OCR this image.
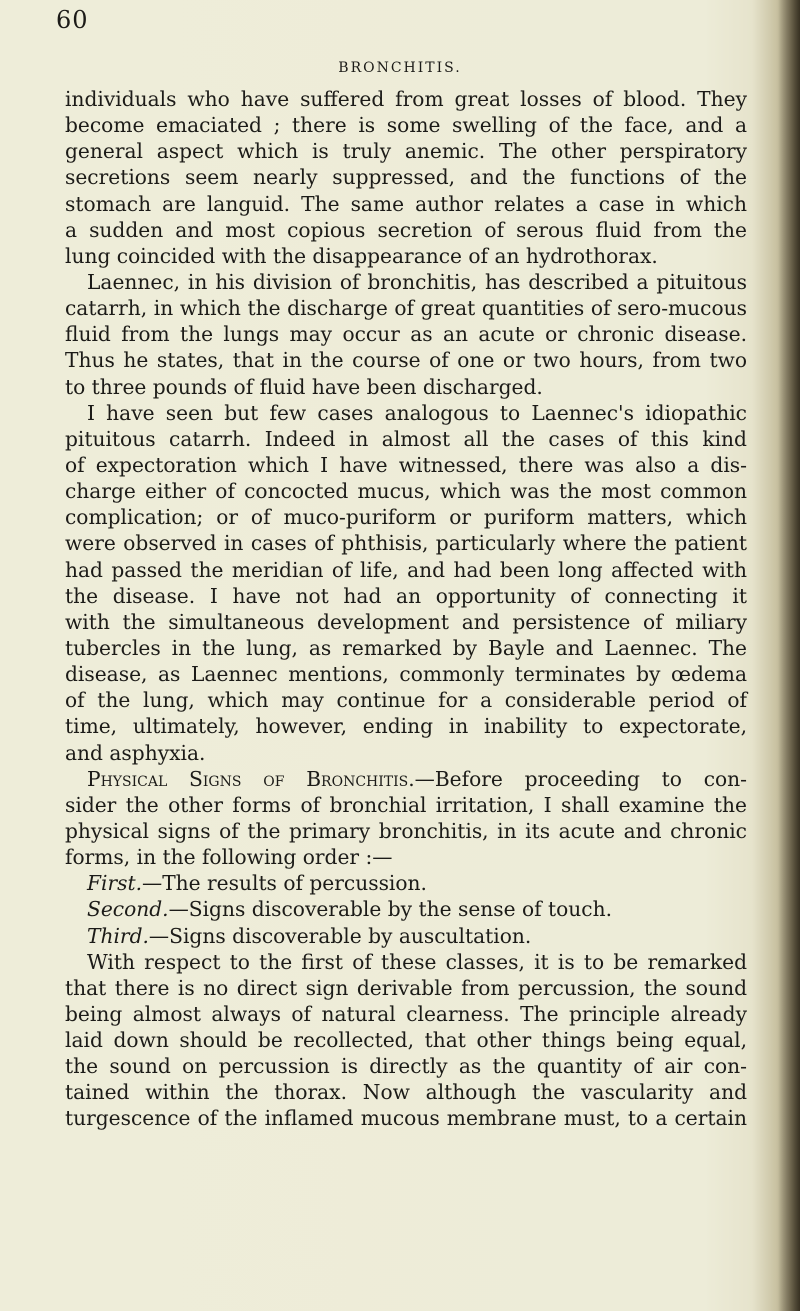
60
BRONCHITIS.
individuals who have suffered from great losses of blood. They
become emaciated ; there is some swelling of the face, and a
general aspect which is truly anemic. The other perspiratory
secretions seem nearly suppressed, and the functions of the
stomach are languid. The same author relates a case in which
a sudden and most copious secretion of serous fluid from the
lung coincided with the disappearance of an hydrothorax.
Laennec, in his division of bronchitis, has described a pituitous
catarrh, in which the discharge of great quantities of sero-mucous
fluid from the lungs may occur as an acute or chronic disease.
Thus he states, that in the course of one or two hours, from two
to three pounds of fluid have been discharged.
I have seen but few cases analogous to Laennec's idiopathic
pituitous catarrh. Indeed in almost all the cases of this kind
of expectoration which I have witnessed, there was also a dis-
charge either of concocted mucus, which was the most common
complication; or of muco-puriform or puriform matters, which
were observed in cases of phthisis, particularly where the patient
had passed the meridian of life, and had been long affected with
the disease. I have not had an opportunity of connecting it
with the simultaneous development and persistence of miliary
tubercles in the lung, as remarked by Bayle and Laennec. The
disease, as Laennec mentions, commonly terminates by œdema
of the lung, which may continue for a considerable period of
time, ultimately, however, ending in inability to expectorate,
and asphyxia.
Physical Signs of Bronchitis.—Before proceeding to con-
sider the other forms of bronchial irritation, I shall examine the
physical signs of the primary bronchitis, in its acute and chronic
forms, in the following order :—
First.—The results of percussion.
Second.—Signs discoverable by the sense of touch.
Third.—Signs discoverable by auscultation.
With respect to the first of these classes, it is to be remarked
that there is no direct sign derivable from percussion, the sound
being almost always of natural clearness. The principle already
laid down should be recollected, that other things being equal,
the sound on percussion is directly as the quantity of air con-
tained within the thorax. Now although the vascularity and
turgescence of the inflamed mucous membrane must, to a certain
